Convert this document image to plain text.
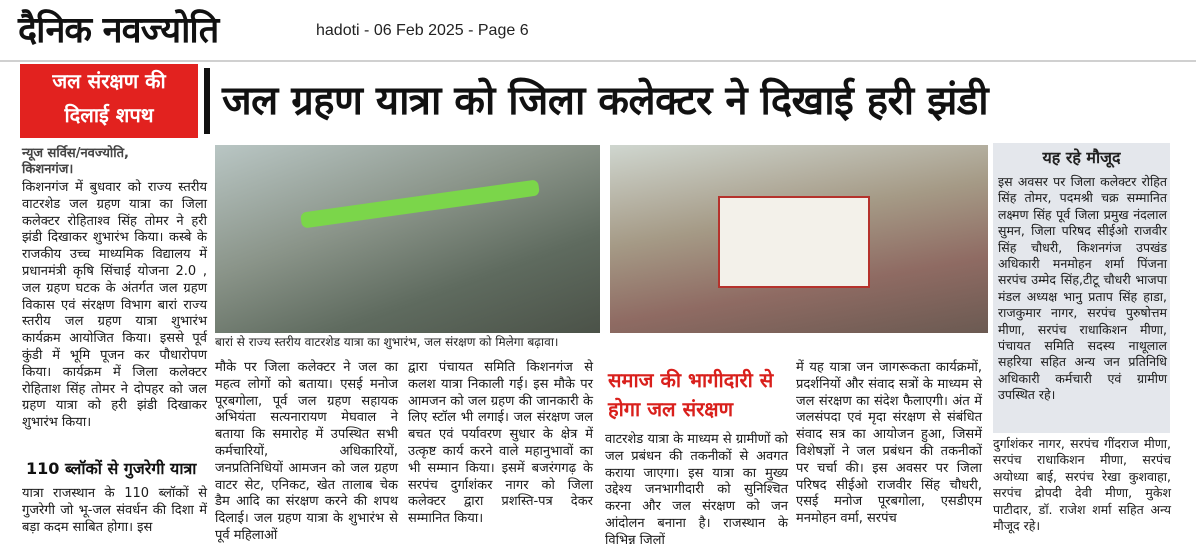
दैनिक नवज्योति	hadoti - 06 Feb 2025 - Page 6
जल संरक्षण की
दिलाई शपथ	जल ग्रहण यात्रा को जिला कलेक्टर ने दिखाई हरी झंडी
न्यूज सर्विस/नवज्योति,
किशनगंज।
किशनगंज में बुधवार को राज्य स्तरीय वाटरशेड जल ग्रहण यात्रा का जिला कलेक्टर रोहिताश्व सिंह तोमर ने हरी झंडी दिखाकर शुभारंभ किया। कस्बे के राजकीय उच्च माध्यमिक विद्यालय में प्रधानमंत्री कृषि सिंचाई योजना 2.0 , जल ग्रहण घटक के अंतर्गत जल ग्रहण विकास एवं संरक्षण विभाग बारां राज्य स्तरीय जल ग्रहण यात्रा शुभारंभ कार्यक्रम आयोजित किया। इससे पूर्व कुंडी में भूमि पूजन कर पौधारोपण किया। कार्यक्रम में जिला कलेक्टर रोहिताश सिंह तोमर ने दोपहर को जल ग्रहण यात्रा को हरी झंडी दिखाकर शुभारंभ किया।
110 ब्लॉकों से गुजरेगी यात्रा
यात्रा राजस्थान के 110 ब्लॉकों से गुजरेगी जो भू-जल संवर्धन की दिशा में बड़ा कदम साबित होगा। इस
बारां से राज्य स्तरीय वाटरशेड यात्रा का शुभारंभ, जल संरक्षण को मिलेगा बढ़ावा।
मौके पर जिला कलेक्टर ने जल का महत्व लोगों को बताया। एसई मनोज पूरबगोला, पूर्व जल ग्रहण सहायक अभियंता सत्यनारायण मेघवाल ने बताया कि समारोह में उपस्थित सभी कर्मचारियों, अधिकारियों, जनप्रतिनिधियों आमजन को जल ग्रहण वाटर सेट, एनिकट, खेत तालाब चेक डैम आदि का संरक्षण करने की शपथ दिलाई। जल ग्रहण यात्रा के शुभारंभ से पूर्व महिलाओं
द्वारा पंचायत समिति किशनगंज से कलश यात्रा निकाली गई। इस मौके पर आमजन को जल ग्रहण की जानकारी के लिए स्टॉल भी लगाई। जल संरक्षण जल बचत एवं पर्यावरण सुधार के क्षेत्र में उत्कृष्ट कार्य करने वाले महानुभावों का भी सम्मान किया। इसमें बजरंगगढ़ के सरपंच दुर्गाशंकर नागर को जिला कलेक्टर द्वारा प्रशस्ति-पत्र देकर सम्मानित किया।
समाज की भागीदारी से होगा जल संरक्षण
वाटरशेड यात्रा के माध्यम से ग्रामीणों को जल प्रबंधन की तकनीकों से अवगत कराया जाएगा। इस यात्रा का मुख्य उद्देश्य जनभागीदारी को सुनिश्चित करना और जल संरक्षण को जन आंदोलन बनाना है। राजस्थान के विभिन्न जिलों
में यह यात्रा जन जागरूकता कार्यक्रमों, प्रदर्शनियों और संवाद सत्रों के माध्यम से जल संरक्षण का संदेश फैलाएगी। अंत में जलसंपदा एवं मृदा संरक्षण से संबंधित संवाद सत्र का आयोजन हुआ, जिसमें विशेषज्ञों ने जल प्रबंधन की तकनीकों पर चर्चा की। इस अवसर पर जिला परिषद सीईओ राजवीर सिंह चौधरी, एसई मनोज पूरबगोला, एसडीएम मनमोहन वर्मा, सरपंच
यह रहे मौजूद
इस अवसर पर जिला कलेक्टर रोहित सिंह तोमर, पदमश्री चक्र सम्मानित लक्ष्मण सिंह पूर्व जिला प्रमुख नंदलाल सुमन, जिला परिषद सीईओ राजवीर सिंह चौधरी, किशनगंज उपखंड अधिकारी मनमोहन शर्मा पिंजना सरपंच उम्मेद सिंह,टीटू चौधरी भाजपा मंडल अध्यक्ष भानु प्रताप सिंह हाडा, राजकुमार नागर, सरपंच पुरुषोत्तम मीणा, सरपंच राधाकिशन मीणा, पंचायत समिति सदस्य नाथूलाल सहरिया सहित अन्य जन प्रतिनिधि अधिकारी कर्मचारी एवं ग्रामीण उपस्थित रहे।
दुर्गाशंकर नागर, सरपंच गींदराज मीणा, सरपंच राधाकिशन मीणा, सरपंच अयोध्या बाई, सरपंच रेखा कुशवाहा, सरपंच द्रोपदी देवी मीणा, मुकेश पाटीदार, डॉ. राजेश शर्मा सहित अन्य मौजूद रहे।
